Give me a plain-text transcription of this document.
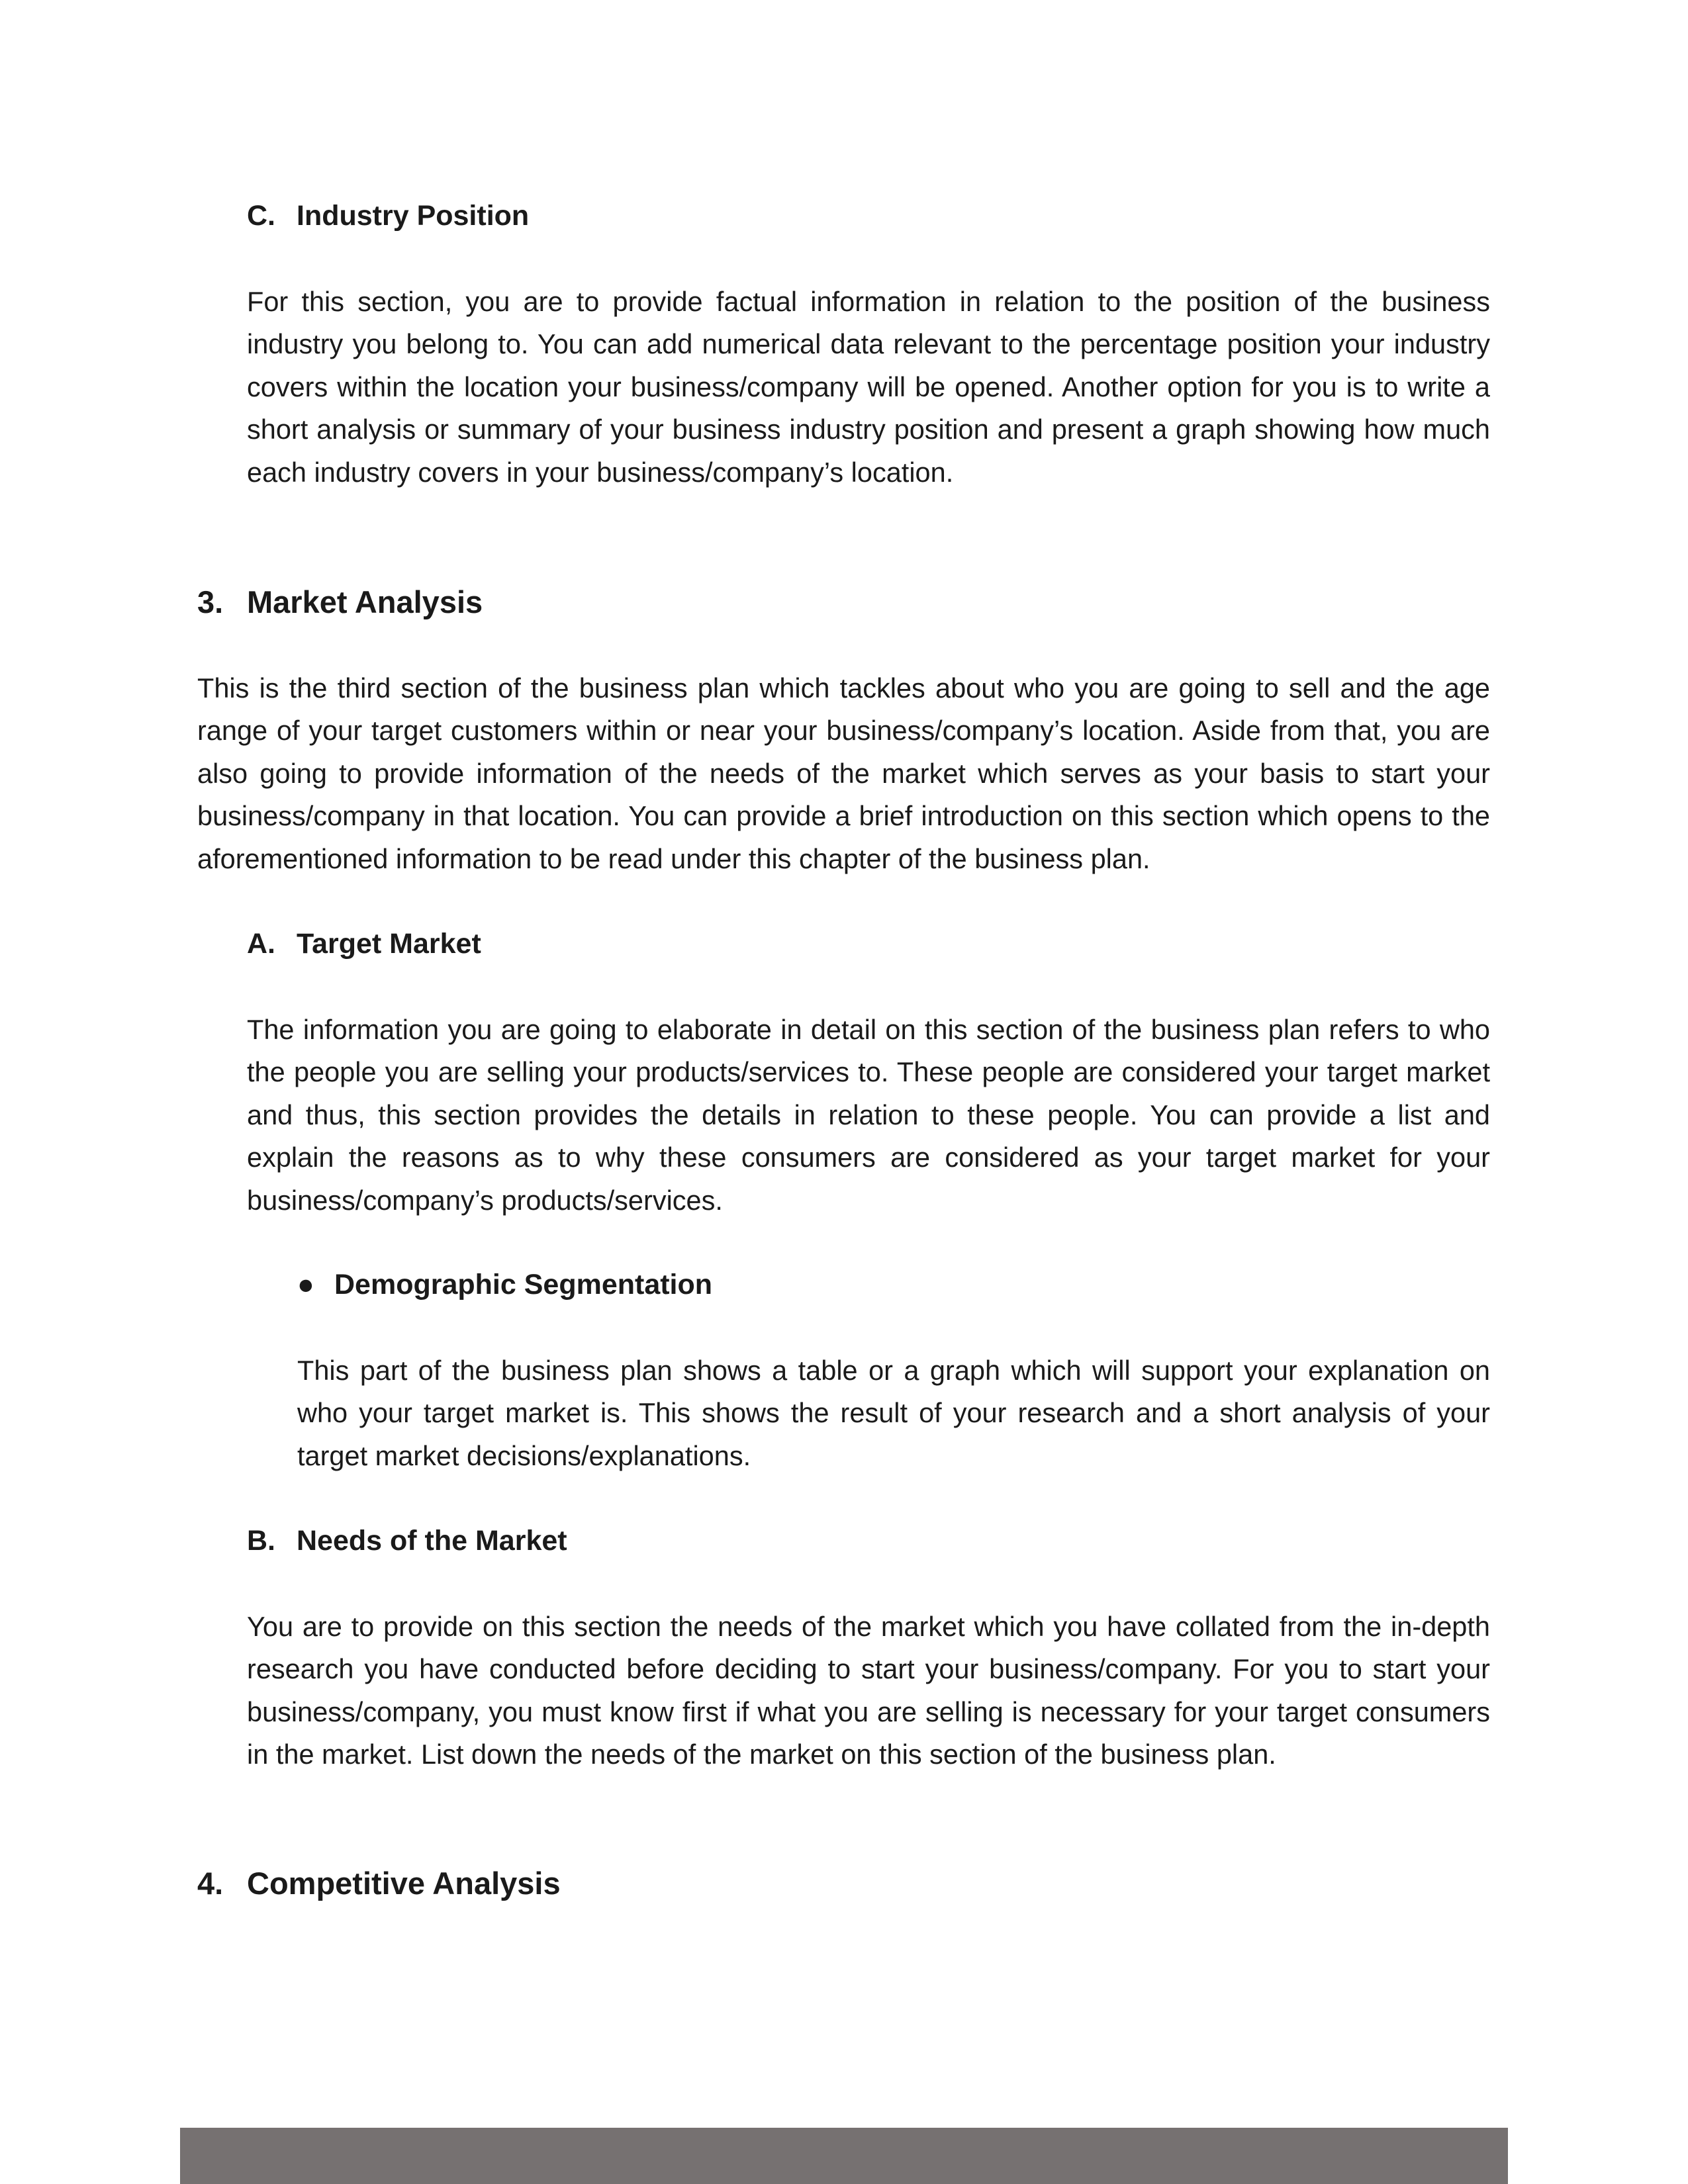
C. Industry Position

For this section, you are to provide factual information in relation to the position of the business industry you belong to. You can add numerical data relevant to the percentage position your industry covers within the location your business/company will be opened. Another option for you is to write a short analysis or summary of your business industry position and present a graph showing how much each industry covers in your business/company’s location.

3. Market Analysis

This is the third section of the business plan which tackles about who you are going to sell and the age range of your target customers within or near your business/company’s location. Aside from that, you are also going to provide information of the needs of the market which serves as your basis to start your business/company in that location. You can provide a brief introduction on this section which opens to the aforementioned information to be read under this chapter of the business plan.

A. Target Market

The information you are going to elaborate in detail on this section of the business plan refers to who the people you are selling your products/services to. These people are considered your target market and thus, this section provides the details in relation to these people. You can provide a list and explain the reasons as to why these consumers are considered as your target market for your business/company’s products/services.

● Demographic Segmentation

This part of the business plan shows a table or a graph which will support your explanation on who your target market is. This shows the result of your research and a short analysis of your target market decisions/explanations.

B. Needs of the Market

You are to provide on this section the needs of the market which you have collated from the in-depth research you have conducted before deciding to start your business/company. For you to start your business/company, you must know first if what you are selling is necessary for your target consumers in the market. List down the needs of the market on this section of the business plan.

4. Competitive Analysis
